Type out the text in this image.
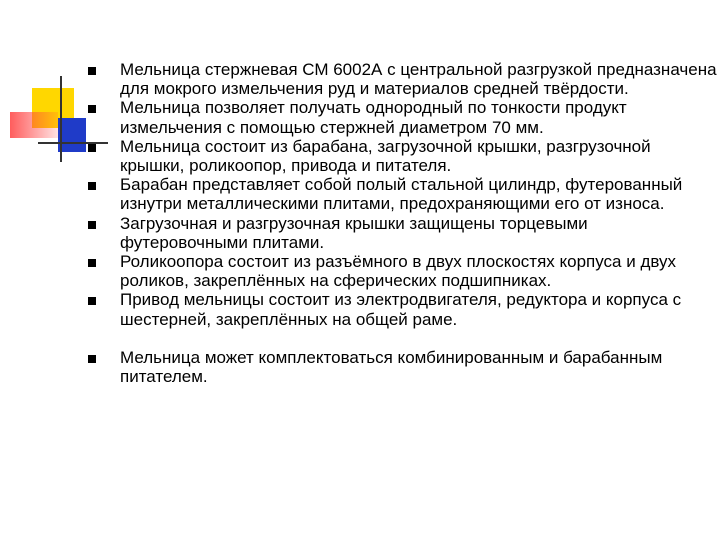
Мельница стержневая СМ 6002А с центральной разгрузкой предназначена для мокрого измельчения руд и материалов средней твёрдости.
Мельница позволяет получать однородный по тонкости продукт измельчения с помощью стержней диаметром 70 мм.
Мельница состоит из барабана, загрузочной крышки, разгрузочной крышки, роликоопор, привода и питателя.
Барабан представляет собой полый стальной цилиндр, футерованный изнутри металлическими плитами, предохраняющими его от износа.
Загрузочная и разгрузочная крышки защищены торцевыми футеровочными плитами.
Роликоопора состоит из разъёмного в двух плоскостях корпуса и двух роликов, закреплённых на сферических подшипниках.
Привод мельницы состоит из электродвигателя, редуктора и корпуса с шестерней, закреплённых на общей раме.
Мельница может комплектоваться комбинированным и барабанным питателем.
